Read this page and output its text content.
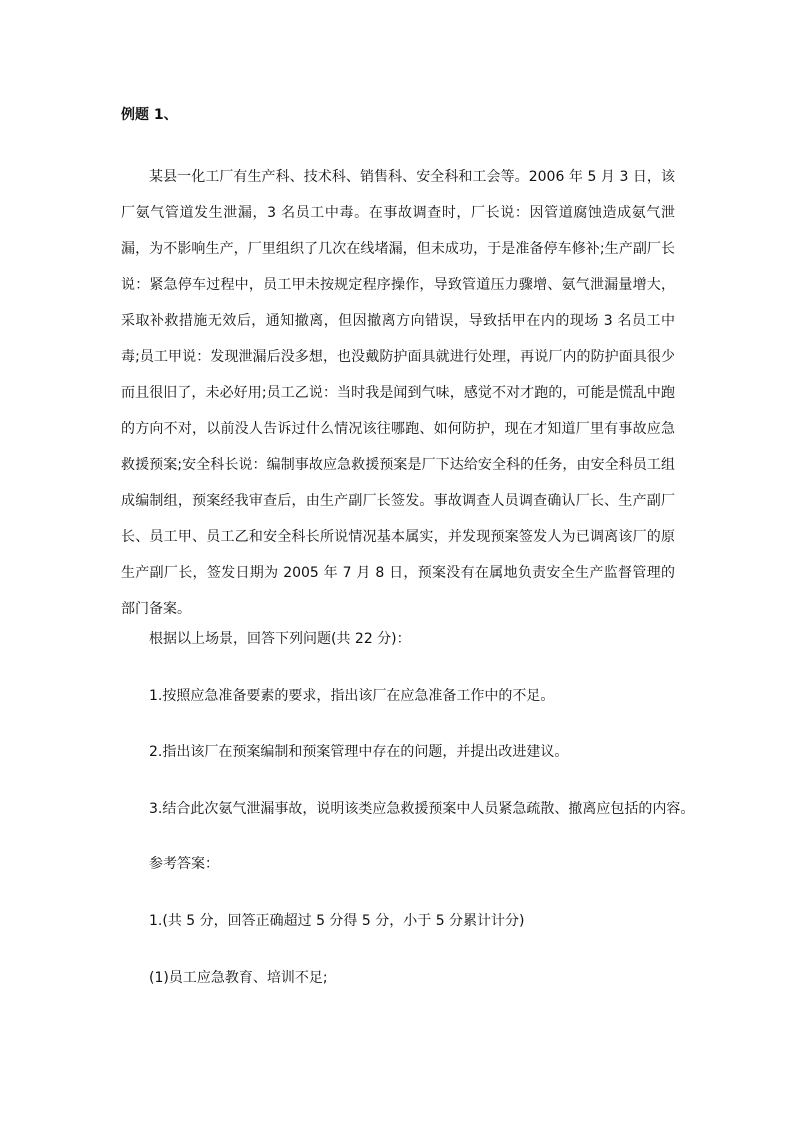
例题 1、

某县一化工厂有生产科、技术科、销售科、安全科和工会等。2006 年 5 月 3 日，该厂氨气管道发生泄漏，3 名员工中毒。在事故调查时，厂长说：因管道腐蚀造成氨气泄漏，为不影响生产，厂里组织了几次在线堵漏，但未成功，于是准备停车修补;生产副厂长说：紧急停车过程中，员工甲未按规定程序操作，导致管道压力骤增、氨气泄漏量增大，采取补救措施无效后，通知撤离，但因撤离方向错误，导致括甲在内的现场 3 名员工中毒;员工甲说：发现泄漏后没多想，也没戴防护面具就进行处理，再说厂内的防护面具很少而且很旧了，未必好用;员工乙说：当时我是闻到气味，感觉不对才跑的，可能是慌乱中跑的方向不对，以前没人告诉过什么情况该往哪跑、如何防护，现在才知道厂里有事故应急救援预案;安全科长说：编制事故应急救援预案是厂下达给安全科的任务，由安全科员工组成编制组，预案经我审查后，由生产副厂长签发。事故调查人员调查确认厂长、生产副厂长、员工甲、员工乙和安全科长所说情况基本属实，并发现预案签发人为已调离该厂的原生产副厂长，签发日期为 2005 年 7 月 8 日，预案没有在属地负责安全生产监督管理的部门备案。

根据以上场景，回答下列问题(共 22 分)：
1.按照应急准备要素的要求，指出该厂在应急准备工作中的不足。
2.指出该厂在预案编制和预案管理中存在的问题，并提出改进建议。
3.结合此次氨气泄漏事故，说明该类应急救援预案中人员紧急疏散、撤离应包括的内容。
参考答案：
1.(共 5 分，回答正确超过 5 分得 5 分，小于 5 分累计计分)
(1)员工应急教育、培训不足;
